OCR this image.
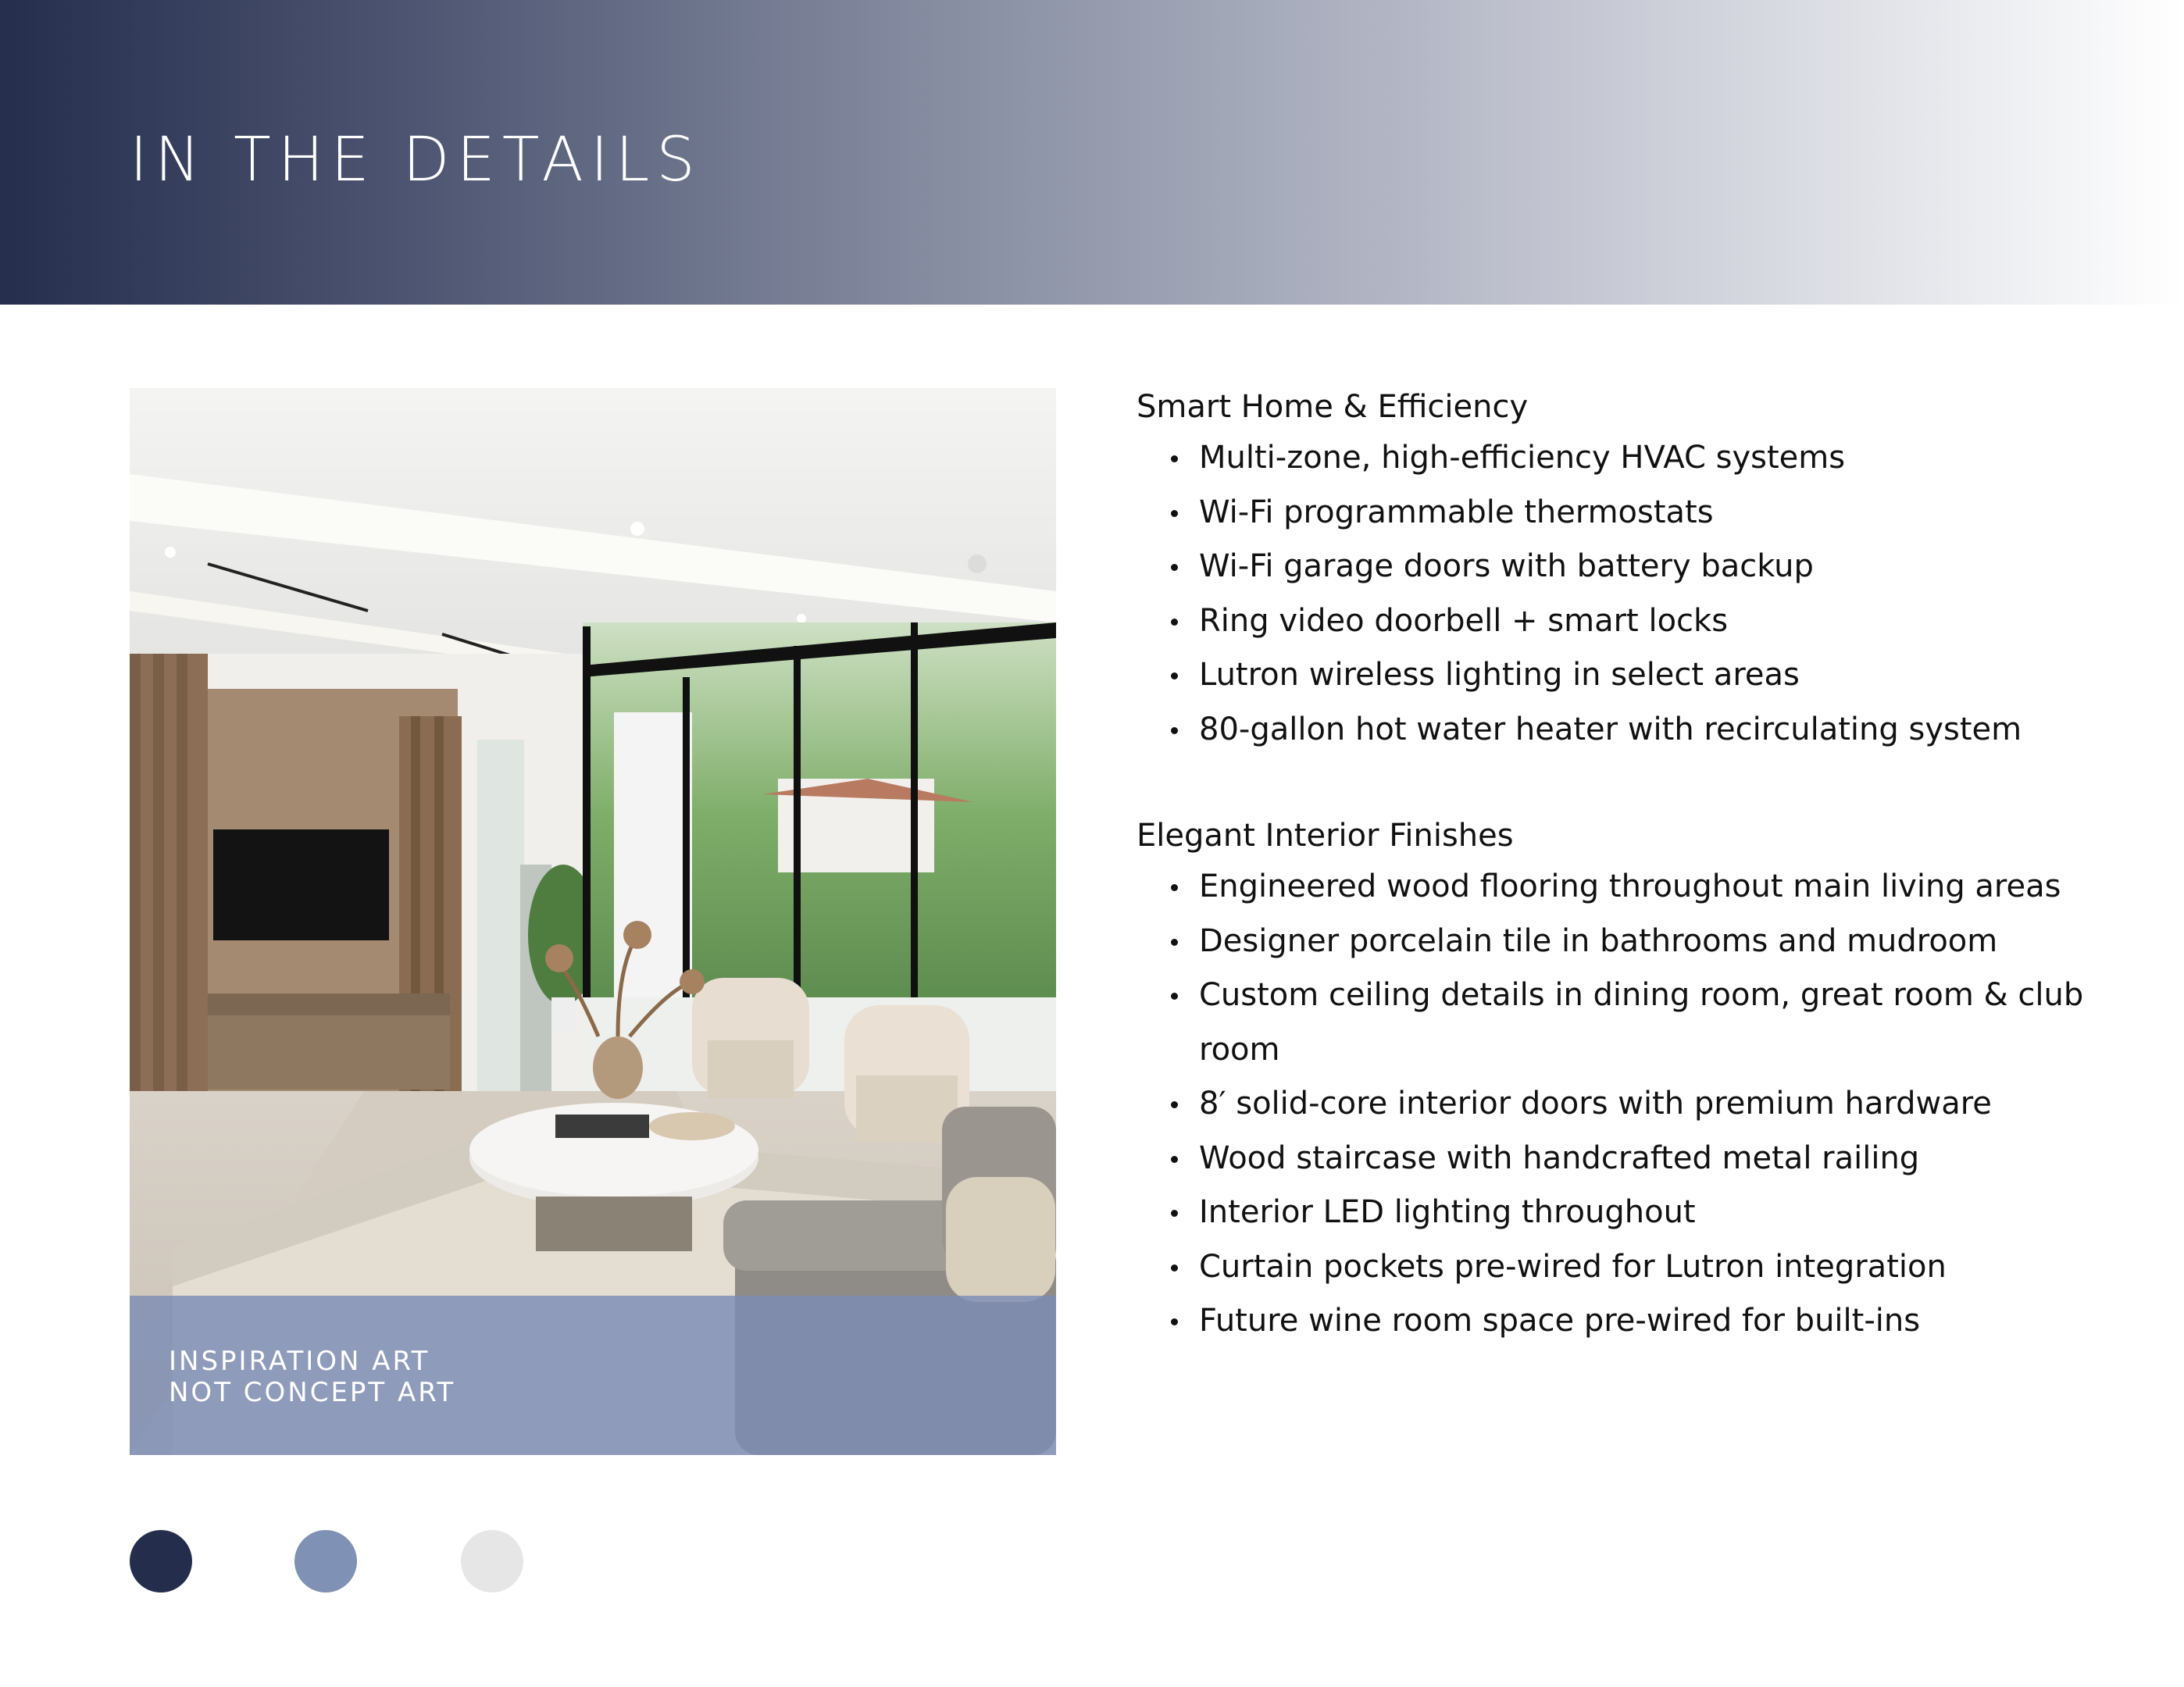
IN THE DETAILS
INSPIRATION ART
NOT CONCEPT ART
Smart Home & Efficiency
Multi-zone, high-efficiency HVAC systems
Wi-Fi programmable thermostats
Wi-Fi garage doors with battery backup
Ring video doorbell + smart locks
Lutron wireless lighting in select areas
80-gallon hot water heater with recirculating system
Elegant Interior Finishes
Engineered wood flooring throughout main living areas
Designer porcelain tile in bathrooms and mudroom
Custom ceiling details in dining room, great room & club room
8′ solid-core interior doors with premium hardware
Wood staircase with handcrafted metal railing
Interior LED lighting throughout
Curtain pockets pre-wired for Lutron integration
Future wine room space pre-wired for built-ins
